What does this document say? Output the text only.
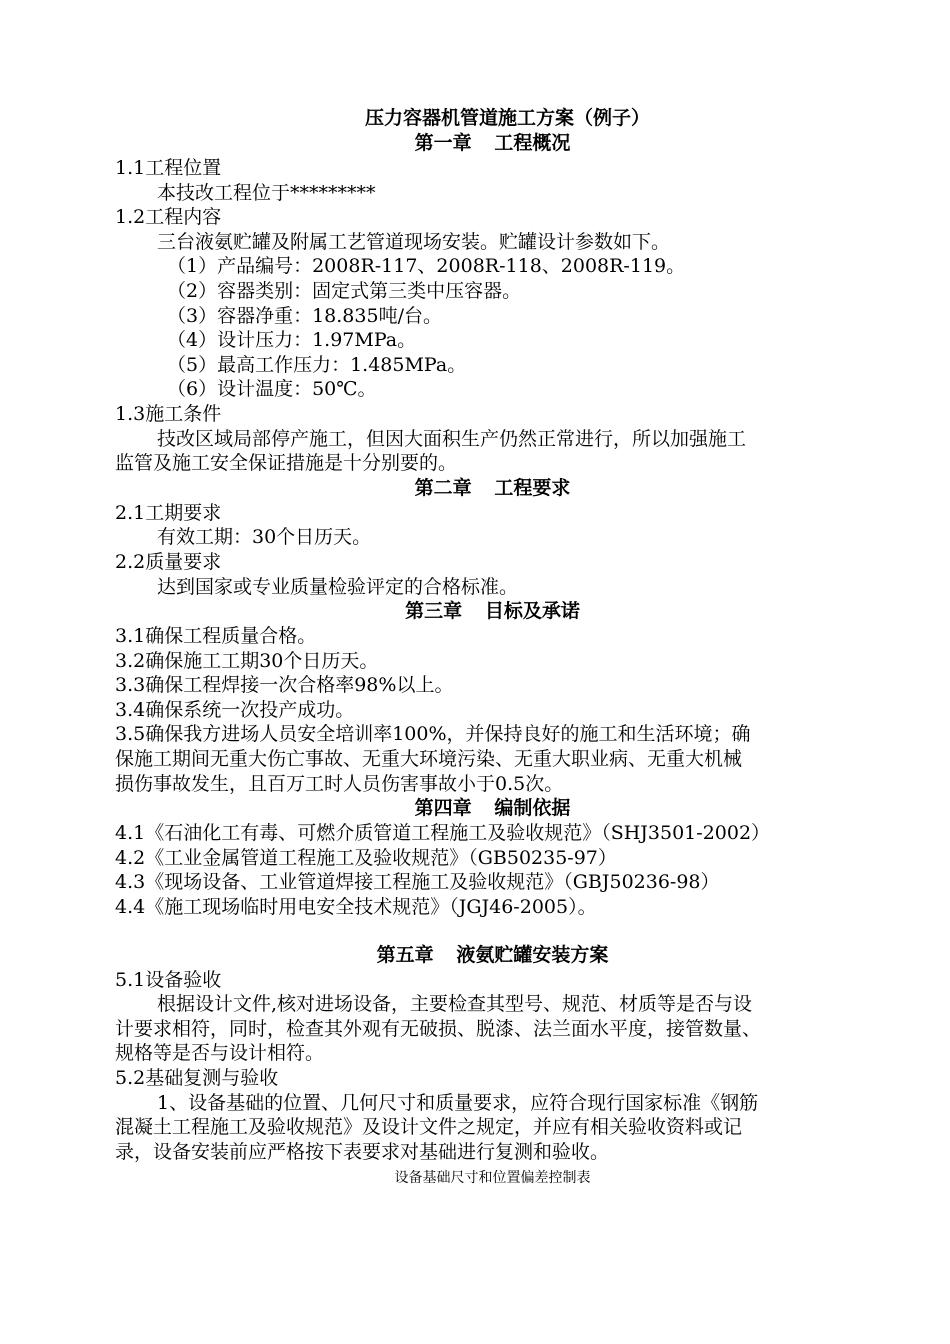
压力容器机管道施工方案（例子）

第一章 工程概况

1.1工程位置

本技改工程位于*********

1.2工程内容

三台液氨贮罐及附属工艺管道现场安装。贮罐设计参数如下。

（1）产品编号：2008R-117、2008R-118、2008R-119。

（2）容器类别：固定式第三类中压容器。

（3）容器净重：18.835吨/台。

（4）设计压力：1.97MPa。

（5）最高工作压力：1.485MPa。

（6）设计温度：50℃。

1.3施工条件

技改区域局部停产施工，但因大面积生产仍然正常进行，所以加强施工

监管及施工安全保证措施是十分别要的。

第二章 工程要求

2.1工期要求

有效工期：30个日历天。

2.2质量要求

达到国家或专业质量检验评定的合格标准。

第三章 目标及承诺

3.1确保工程质量合格。

3.2确保施工工期30个日历天。

3.3确保工程焊接一次合格率98%以上。

3.4确保系统一次投产成功。

3.5确保我方进场人员安全培训率100%，并保持良好的施工和生活环境；确

保施工期间无重大伤亡事故、无重大环境污染、无重大职业病、无重大机械

损伤事故发生，且百万工时人员伤害事故小于0.5次。

第四章 编制依据

4.1《石油化工有毒、可燃介质管道工程施工及验收规范》（SHJ3501-2002）

4.2《工业金属管道工程施工及验收规范》（GB50235-97）

4.3《现场设备、工业管道焊接工程施工及验收规范》（GBJ50236-98）

4.4《施工现场临时用电安全技术规范》（JGJ46-2005）。

第五章 液氨贮罐安装方案

5.1设备验收

根据设计文件,核对进场设备，主要检查其型号、规范、材质等是否与设

计要求相符，同时，检查其外观有无破损、脱漆、法兰面水平度，接管数量、

规格等是否与设计相符。

5.2基础复测与验收

1、设备基础的位置、几何尺寸和质量要求，应符合现行国家标准《钢筋

混凝土工程施工及验收规范》及设计文件之规定，并应有相关验收资料或记

录，设备安装前应严格按下表要求对基础进行复测和验收。

设备基础尺寸和位置偏差控制表
